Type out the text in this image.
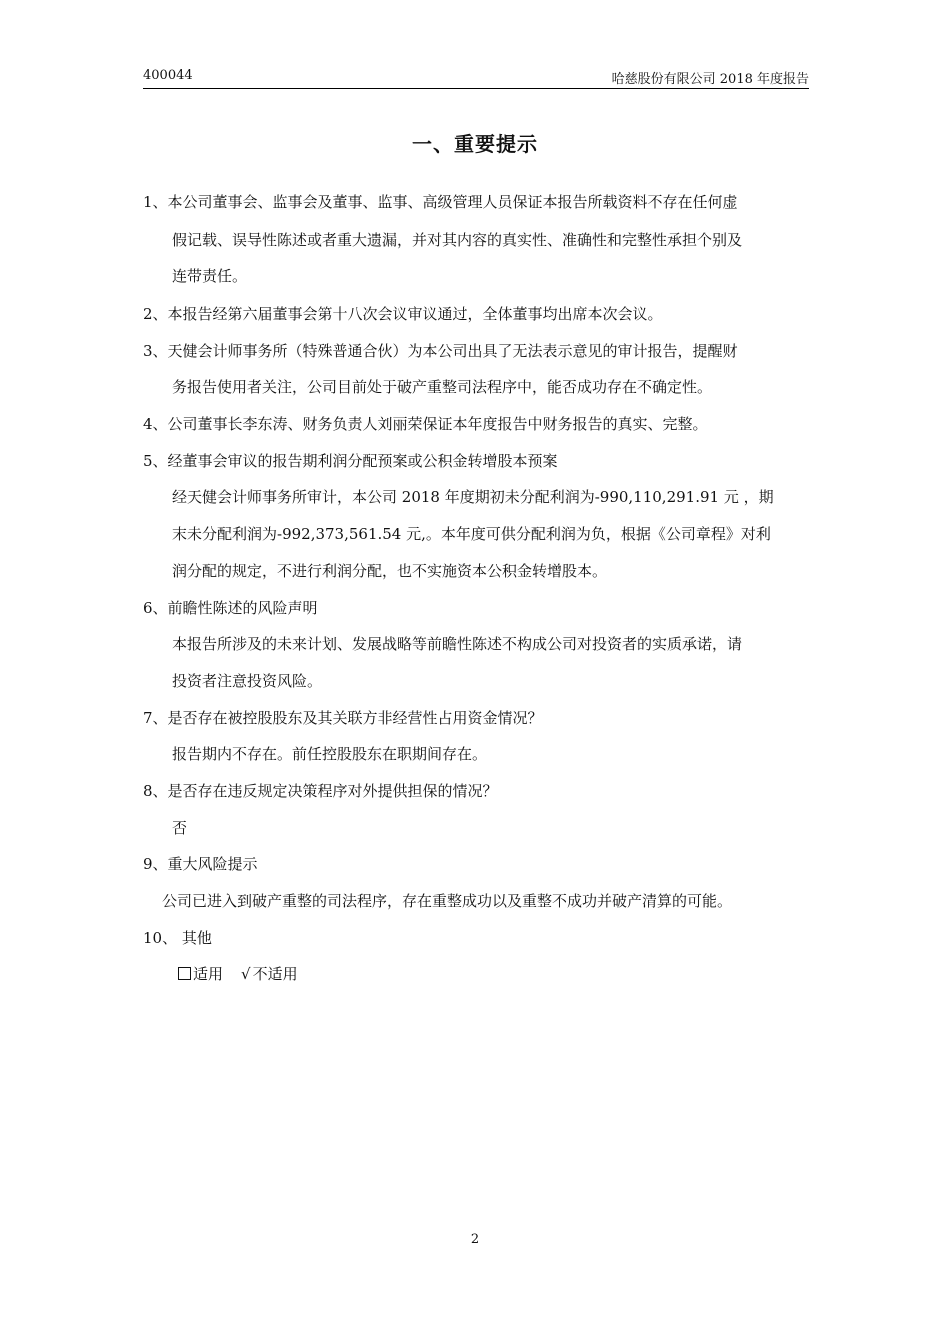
400044	哈慈股份有限公司 2018 年度报告
一、重要提示
1、本公司董事会、监事会及董事、监事、高级管理人员保证本报告所载资料不存在任何虚
假记载、误导性陈述或者重大遗漏，并对其内容的真实性、准确性和完整性承担个别及
连带责任。
2、本报告经第六届董事会第十八次会议审议通过，全体董事均出席本次会议。
3、天健会计师事务所（特殊普通合伙）为本公司出具了无法表示意见的审计报告，提醒财
务报告使用者关注，公司目前处于破产重整司法程序中，能否成功存在不确定性。
4、公司董事长李东涛、财务负责人刘丽荣保证本年度报告中财务报告的真实、完整。
5、经董事会审议的报告期利润分配预案或公积金转增股本预案
经天健会计师事务所审计，本公司 2018 年度期初未分配利润为-990,110,291.91 元 ，期
末未分配利润为-992,373,561.54 元,。本年度可供分配利润为负，根据《公司章程》对利
润分配的规定，不进行利润分配，也不实施资本公积金转增股本。
6、前瞻性陈述的风险声明
本报告所涉及的未来计划、发展战略等前瞻性陈述不构成公司对投资者的实质承诺，请
投资者注意投资风险。
7、是否存在被控股股东及其关联方非经营性占用资金情况？
报告期内不存在。前任控股股东在职期间存在。
8、是否存在违反规定决策程序对外提供担保的情况？
否
9、重大风险提示
公司已进入到破产重整的司法程序，存在重整成功以及重整不成功并破产清算的可能。
10、 其他
适用 √ 不适用
2
